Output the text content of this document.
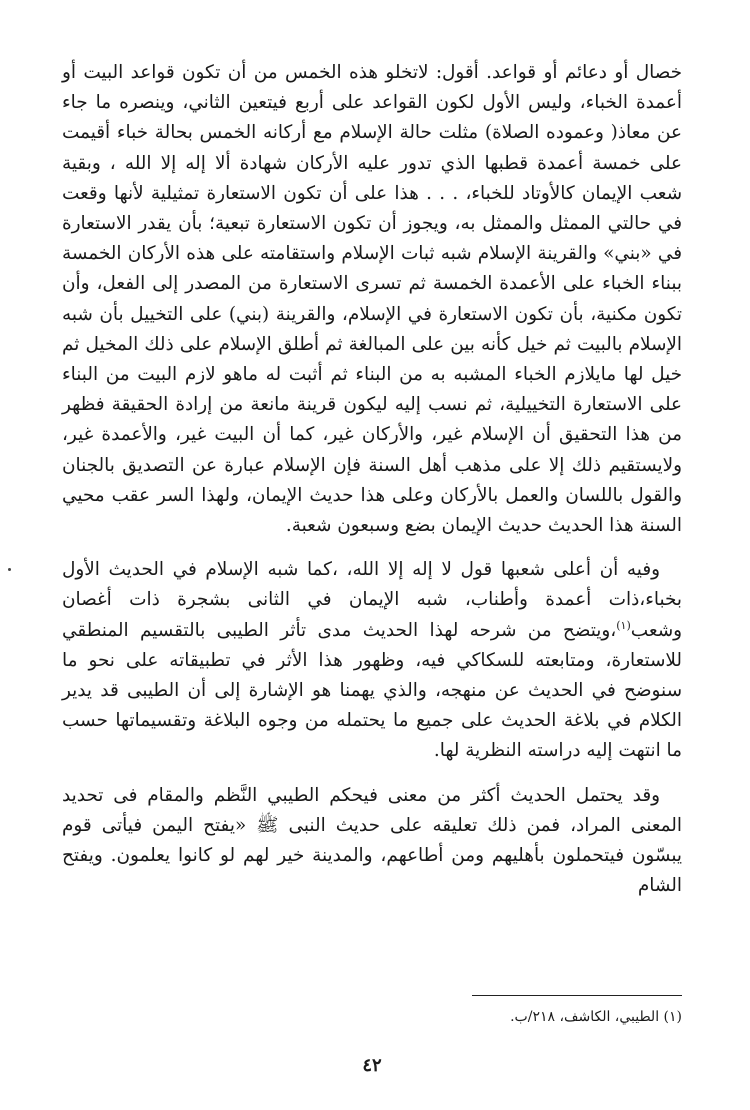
خصال أو دعائم أو قواعد. أقول: لاتخلو هذه الخمس من أن تكون قواعد البيت أو أعمدة الخباء، وليس الأول لكون القواعد على أربع فيتعين الثاني، وينصره ما جاء عن معاذ( وعموده الصلاة) مثلت حالة الإسلام مع أركانه الخمس بحالة خباء أقيمت على خمسة أعمدة قطبها الذي تدور عليه الأركان شهادة ألا إله إلا الله ، وبقية شعب الإيمان كالأوتاد للخباء، . . . هذا على أن تكون الاستعارة تمثيلية لأنها وقعت في حالتي الممثل والممثل به، ويجوز أن تكون الاستعارة تبعية؛ بأن يقدر الاستعارة في «بني» والقرينة الإسلام شبه ثبات الإسلام واستقامته على هذه الأركان الخمسة ببناء الخباء على الأعمدة الخمسة ثم تسرى الاستعارة من المصدر إلى الفعل، وأن تكون مكنية، بأن تكون الاستعارة في الإسلام، والقرينة (بني) على التخييل بأن شبه الإسلام بالبيت ثم خيل كأنه بين على المبالغة ثم أطلق الإسلام على ذلك المخيل ثم خيل لها مايلازم الخباء المشبه به من البناء ثم أثبت له ماهو لازم البيت من البناء على الاستعارة التخييلية، ثم نسب إليه ليكون قرينة مانعة من إرادة الحقيقة فظهر من هذا التحقيق أن الإسلام غير، والأركان غير، كما أن البيت غير، والأعمدة غير، ولايستقيم ذلك إلا على مذهب أهل السنة فإن الإسلام عبارة عن التصديق بالجنان والقول باللسان والعمل بالأركان وعلى هذا حديث الإيمان، ولهذا السر عقب محيي السنة هذا الحديث حديث الإيمان بضع وسبعون شعبة.

وفيه أن أعلى شعبها قول لا إله إلا الله، ،كما شبه الإسلام في الحديث الأول بخباء،ذات أعمدة وأطناب، شبه الإيمان في الثانى بشجرة ذات أغصان وشعب$^{(١)}$،ويتضح من شرحه لهذا الحديث مدى تأثر الطيبى بالتقسيم المنطقي للاستعارة، ومتابعته للسكاكي فيه، وظهور هذا الأثر في تطبيقاته على نحو ما سنوضح في الحديث عن منهجه، والذي يهمنا هو الإشارة إلى أن الطيبى قد يدير الكلام في بلاغة الحديث على جميع ما يحتمله من وجوه البلاغة وتقسيماتها حسب ما انتهت إليه دراسته النظرية لها.

وقد يحتمل الحديث أكثر من معنى فيحكم الطيبي النَّظم والمقام فى تحديد المعنى المراد، فمن ذلك تعليقه على حديث النبى ﷺ «يفتح اليمن فيأتى قوم يبسّون فيتحملون بأهليهم ومن أطاعهم، والمدينة خير لهم لو كانوا يعلمون. ويفتح الشام

(١) الطيبي، الكاشف، ٢١٨/ب.

٤٢
